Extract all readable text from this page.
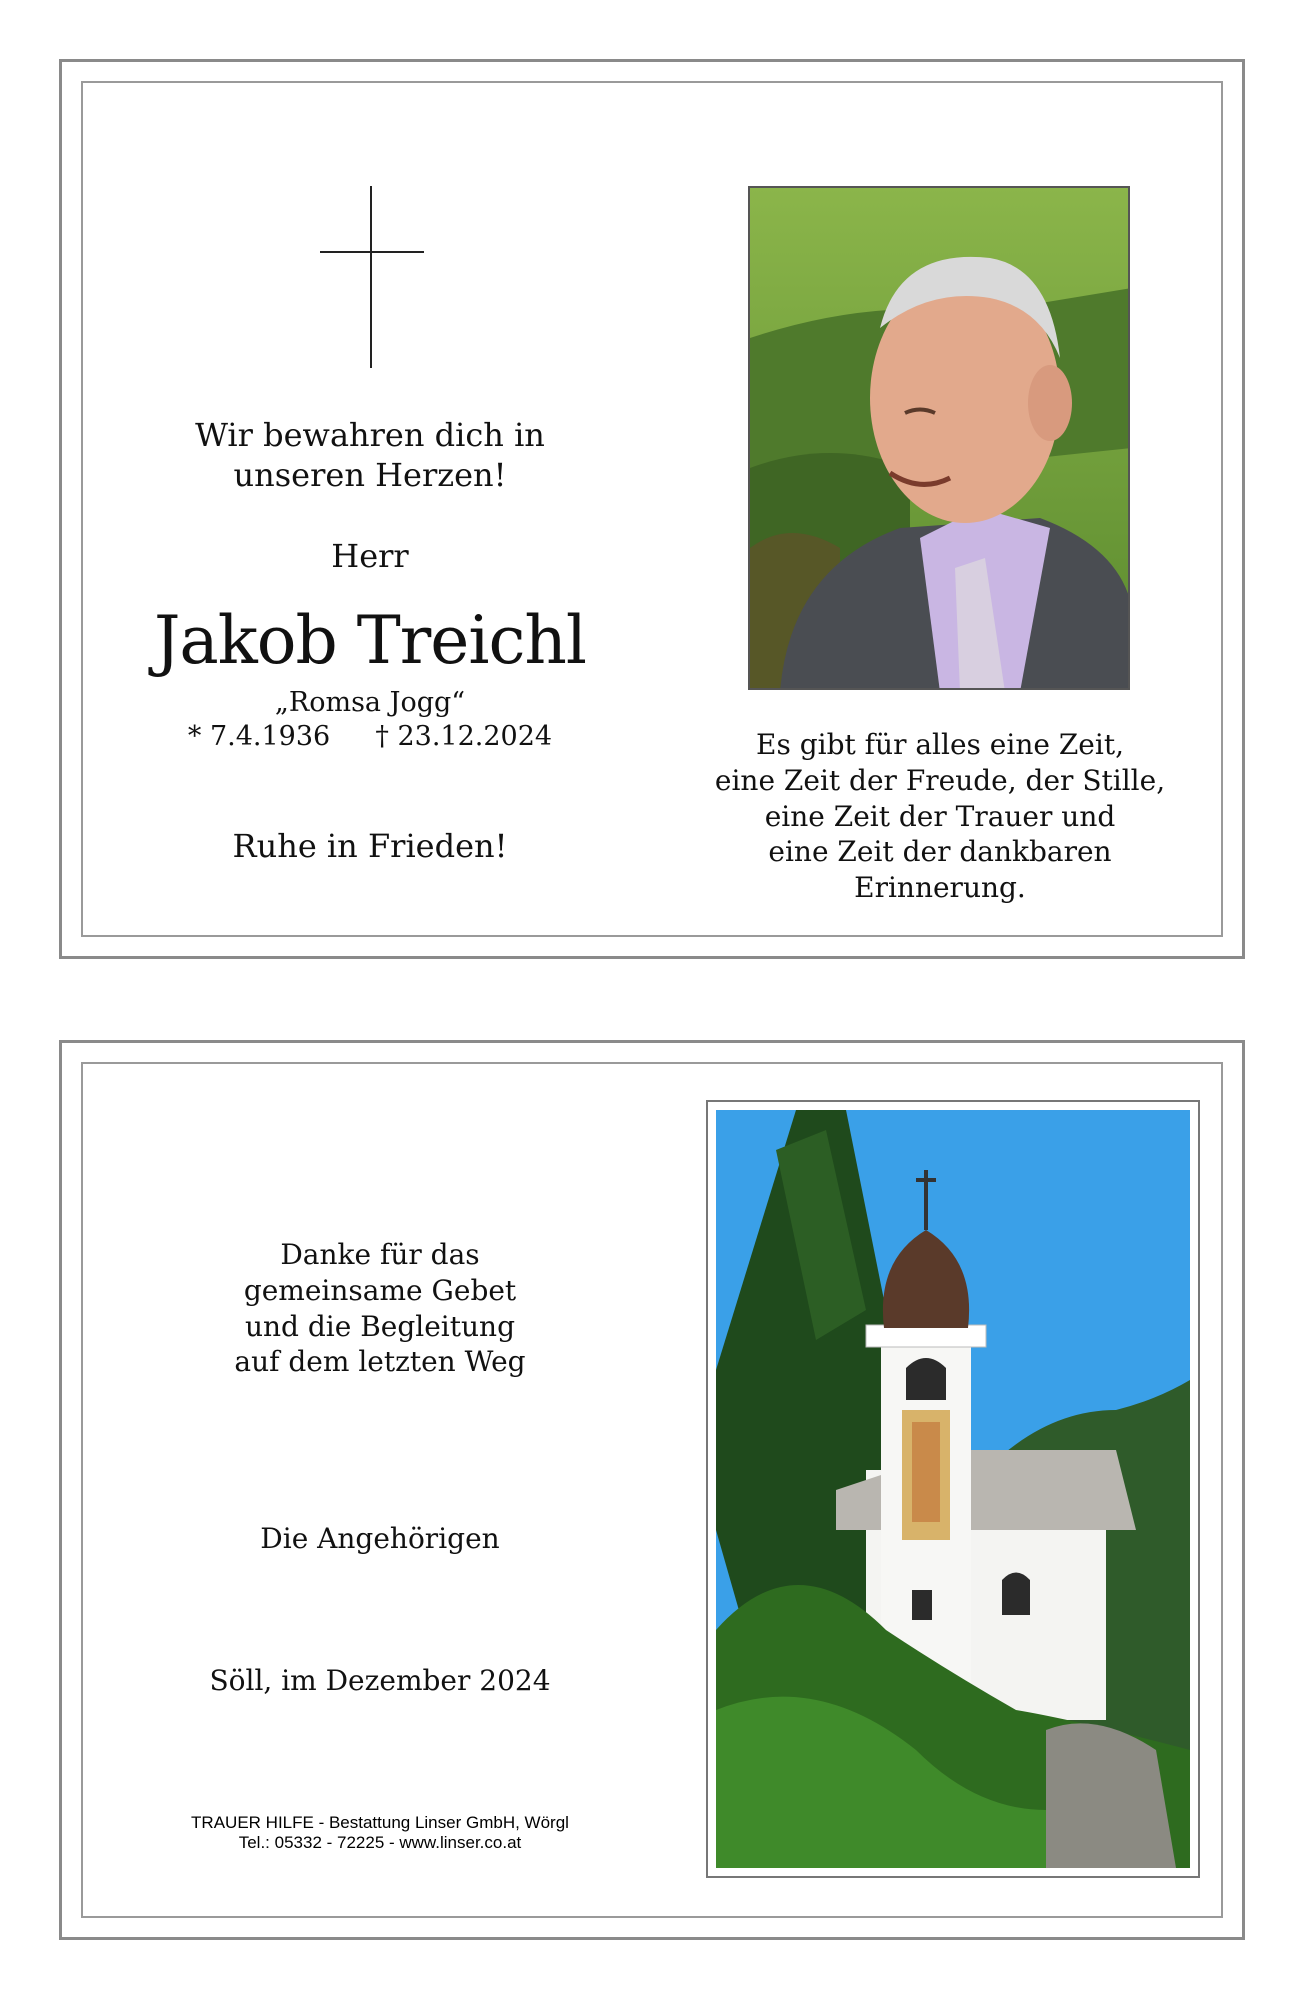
Wir bewahren dich in
unseren Herzen!
Herr
Jakob Treichl
„Romsa Jogg“
* 7.4.1936 † 23.12.2024
Ruhe in Frieden!
Es gibt für alles eine Zeit,
eine Zeit der Freude, der Stille,
eine Zeit der Trauer und
eine Zeit der dankbaren Erinnerung.
Danke für das
gemeinsame Gebet
und die Begleitung
auf dem letzten Weg
Die Angehörigen
Söll, im Dezember 2024
TRAUER HILFE - Bestattung Linser GmbH, Wörgl
Tel.: 05332 - 72225 - www.linser.co.at
